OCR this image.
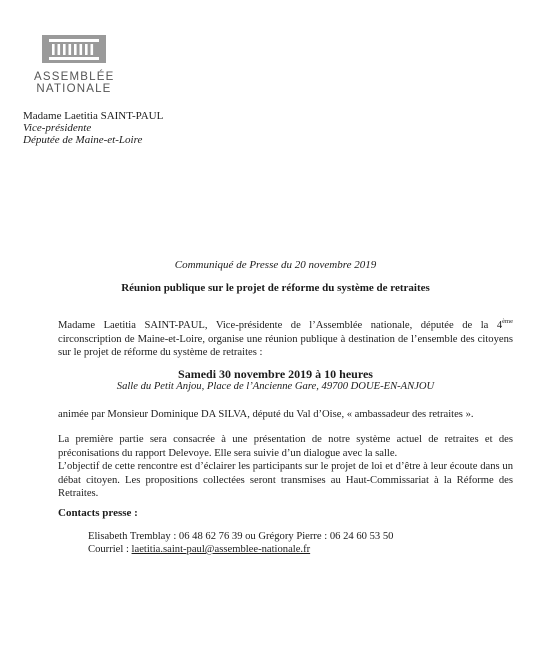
ASSEMBLÉE
NATIONALE
Madame Laetitia SAINT-PAUL
Vice-présidente
Députée de Maine-et-Loire
Communiqué de Presse du 20 novembre 2019
Réunion publique sur le projet de réforme du système de retraites
Madame Laetitia SAINT-PAUL, Vice-présidente de l’Assemblée nationale, députée de la 4ème circonscription de Maine-et-Loire, organise une réunion publique à destination de l’ensemble des citoyens sur le projet de réforme du système de retraites :
Samedi 30 novembre 2019 à 10 heures
Salle du Petit Anjou, Place de l’Ancienne Gare, 49700 DOUE-EN-ANJOU
animée par Monsieur Dominique DA SILVA, député du Val d’Oise, « ambassadeur des retraites ».
La première partie sera consacrée à une présentation de notre système actuel de retraites et des préconisations du rapport Delevoye. Elle sera suivie d’un dialogue avec la salle.
L’objectif de cette rencontre est d’éclairer les participants sur le projet de loi et d’être à leur écoute dans un débat citoyen. Les propositions collectées seront transmises au Haut-Commissariat à la Réforme des Retraites.
Contacts presse :
Elisabeth Tremblay : 06 48 62 76 39 ou Grégory Pierre : 06 24 60 53 50
Courriel : laetitia.saint-paul@assemblee-nationale.fr
